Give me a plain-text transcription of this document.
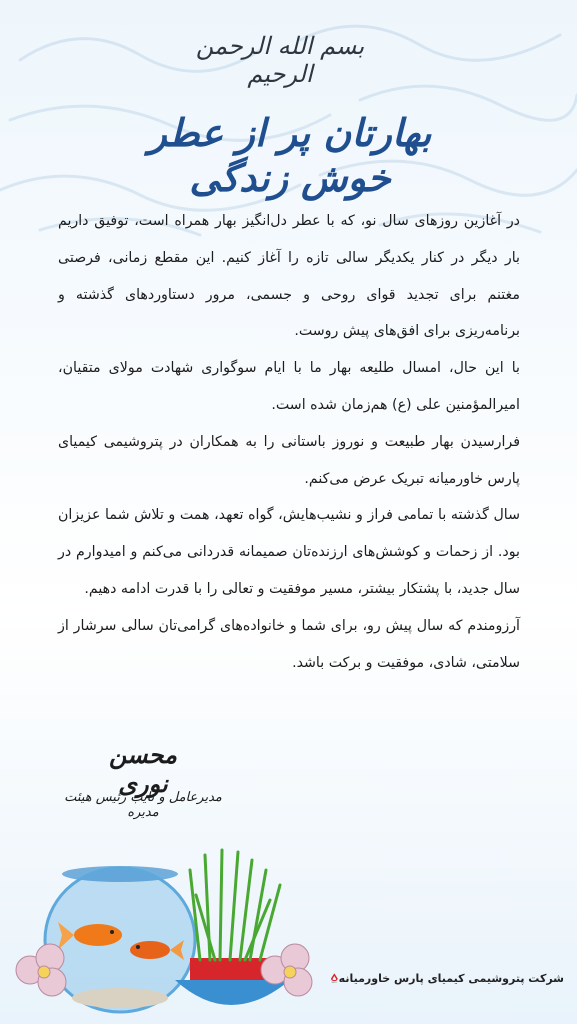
بسم الله الرحمن الرحیم
بهارتان پر از عطر خوش زندگی

در آغازین روزهای سال نو، که با عطر دل‌انگیز بهار همراه است، توفیق داریم بار دیگر در کنار یکدیگر سالی تازه را آغاز کنیم. این مقطع زمانی، فرصتی مغتنم برای تجدید قوای روحی و جسمی، مرور دستاوردهای گذشته و برنامه‌ریزی برای افق‌های پیش روست.

با این حال، امسال طلیعه بهار ما با ایام سوگواری شهادت مولای متقیان، امیرالمؤمنین علی (ع) هم‌زمان شده است.

فرارسیدن بهار طبیعت و نوروز باستانی را به همکاران در پتروشیمی کیمیای پارس خاورمیانه تبریک عرض می‌کنم.

سال گذشته با تمامی فراز و نشیب‌هایش، گواه تعهد، همت و تلاش شما عزیزان بود. از زحمات و کوشش‌های ارزنده‌تان صمیمانه قدردانی می‌کنم و امیدوارم در سال جدید، با پشتکار بیشتر، مسیر موفقیت و تعالی را با قدرت ادامه دهیم.

آرزومندم که سال پیش رو، برای شما و خانواده‌های گرامی‌تان سالی سرشار از سلامتی، شادی، موفقیت و برکت باشد.

محسن نوری
مدیرعامل و نایب رئیس هیئت مدیره
MEKPCO شرکت پتروشیمی کیمیای پارس خاورمیانه
